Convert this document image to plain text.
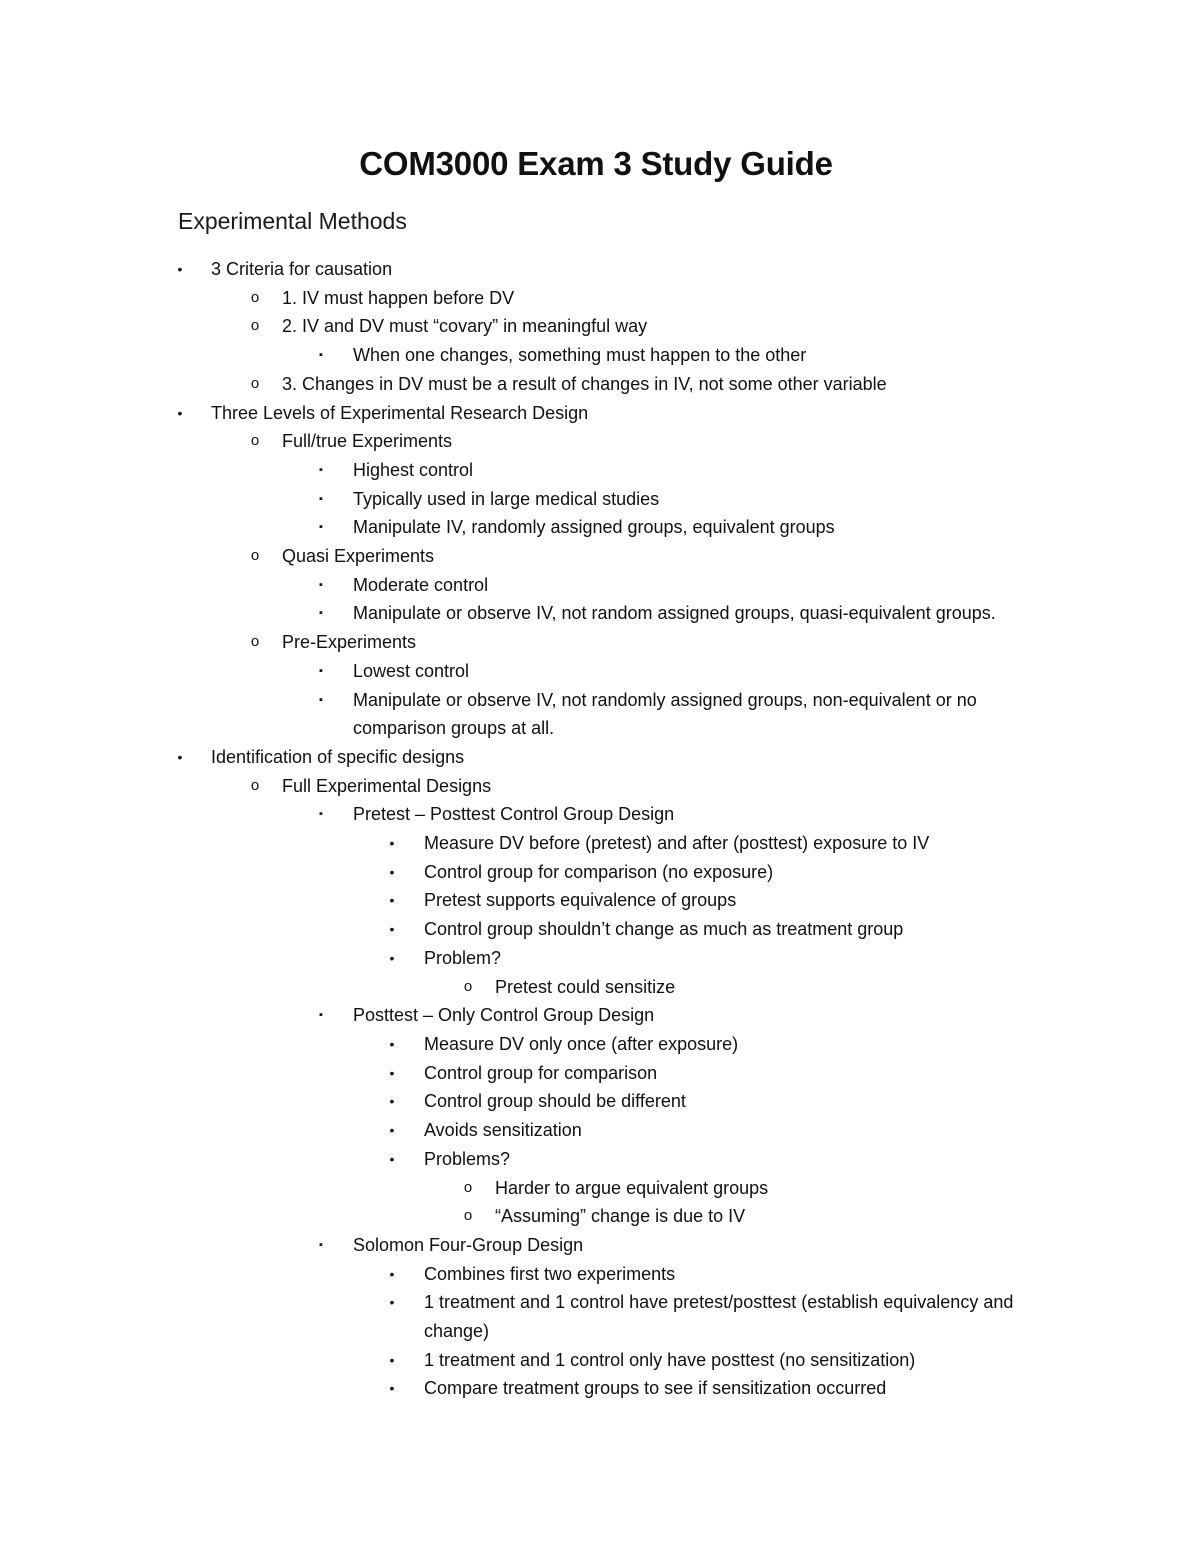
COM3000 Exam 3 Study Guide
Experimental Methods
•	3 Criteria for causation
o	1. IV must happen before DV
o	2. IV and DV must “covary” in meaningful way
▪	When one changes, something must happen to the other
o	3. Changes in DV must be a result of changes in IV, not some other variable
•	Three Levels of Experimental Research Design
o	Full/true Experiments
▪	Highest control
▪	Typically used in large medical studies
▪	Manipulate IV, randomly assigned groups, equivalent groups
o	Quasi Experiments
▪	Moderate control
▪	Manipulate or observe IV, not random assigned groups, quasi-equivalent groups.
o	Pre-Experiments
▪	Lowest control
▪	Manipulate or observe IV, not randomly assigned groups, non-equivalent or no comparison groups at all.
•	Identification of specific designs
o	Full Experimental Designs
▪	Pretest – Posttest Control Group Design
•	Measure DV before (pretest) and after (posttest) exposure to IV
•	Control group for comparison (no exposure)
•	Pretest supports equivalence of groups
•	Control group shouldn’t change as much as treatment group
•	Problem?
o	Pretest could sensitize
▪	Posttest – Only Control Group Design
•	Measure DV only once (after exposure)
•	Control group for comparison
•	Control group should be different
•	Avoids sensitization
•	Problems?
o	Harder to argue equivalent groups
o	“Assuming” change is due to IV
▪	Solomon Four-Group Design
•	Combines first two experiments
•	1 treatment and 1 control have pretest/posttest (establish equivalency and change)
•	1 treatment and 1 control only have posttest (no sensitization)
•	Compare treatment groups to see if sensitization occurred
